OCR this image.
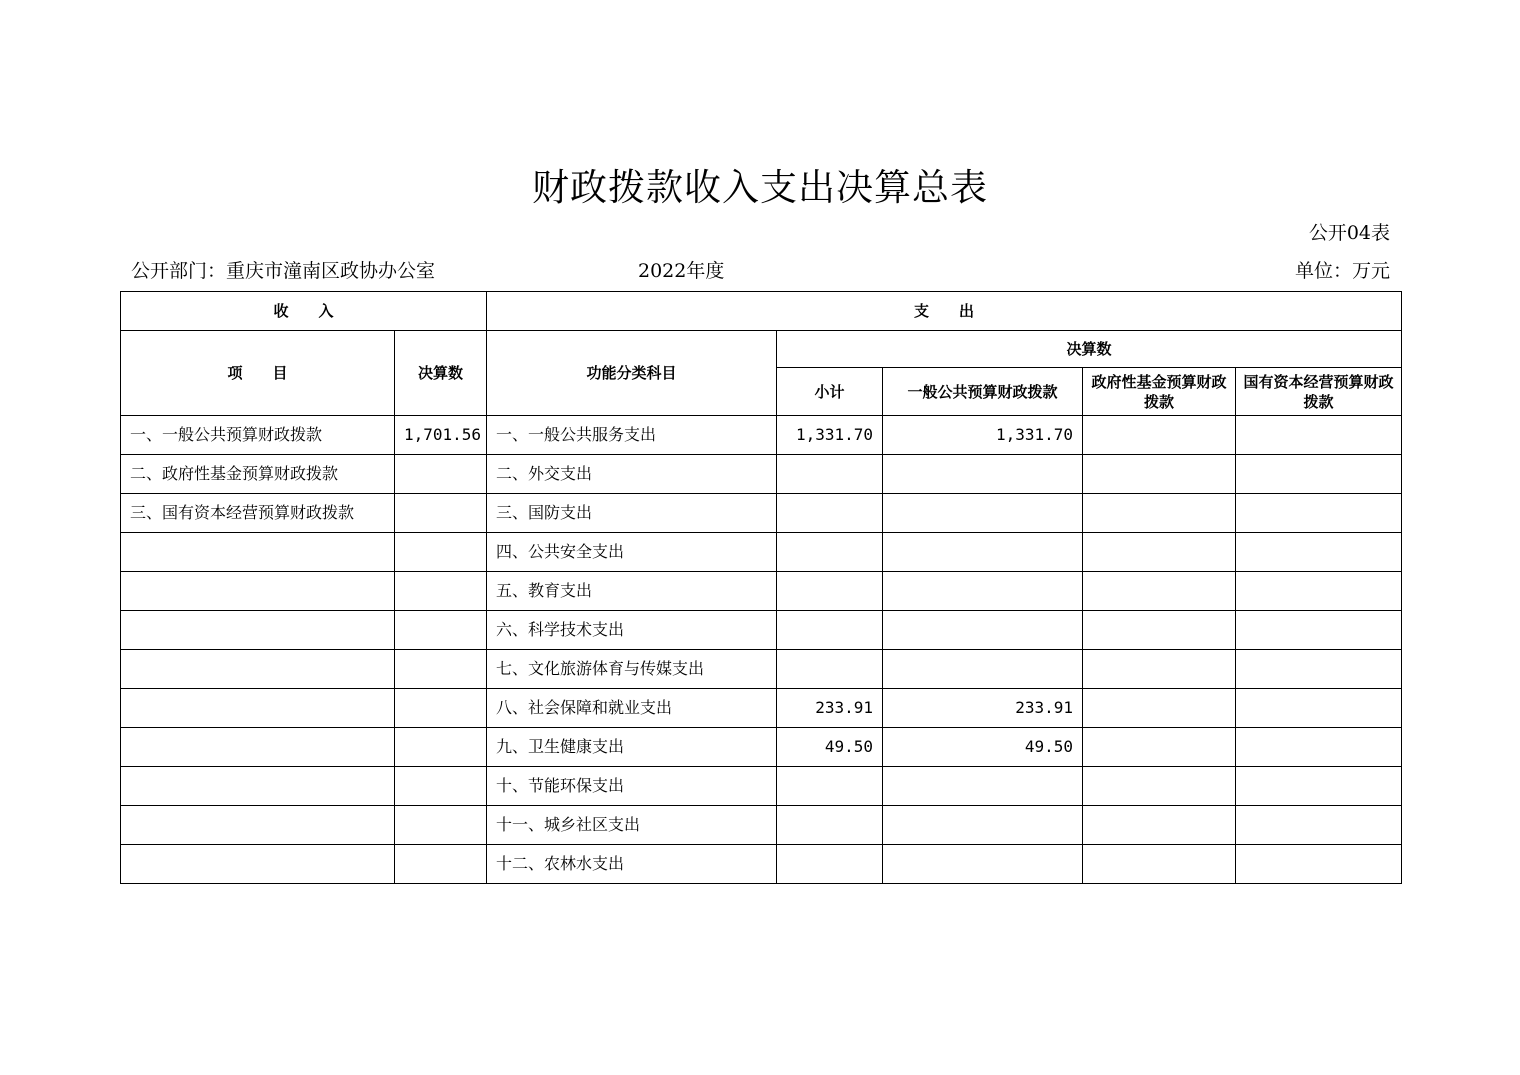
财政拨款收入支出决算总表
公开04表
公开部门：重庆市潼南区政协办公室	2022年度	单位：万元
收　　入		支　　出				
项　　目	决算数	功能分类科目	决算数			
			小计	一般公共预算财政拨款	政府性基金预算财政拨款	国有资本经营预算财政拨款
一、一般公共预算财政拨款	1,701.56	一、一般公共服务支出	1,331.70	1,331.70		
二、政府性基金预算财政拨款		二、外交支出				
三、国有资本经营预算财政拨款		三、国防支出				
		四、公共安全支出				
		五、教育支出				
		六、科学技术支出				
		七、文化旅游体育与传媒支出				
		八、社会保障和就业支出	233.91	233.91		
		九、卫生健康支出	49.50	49.50		
		十、节能环保支出				
		十一、城乡社区支出				
		十二、农林水支出				
